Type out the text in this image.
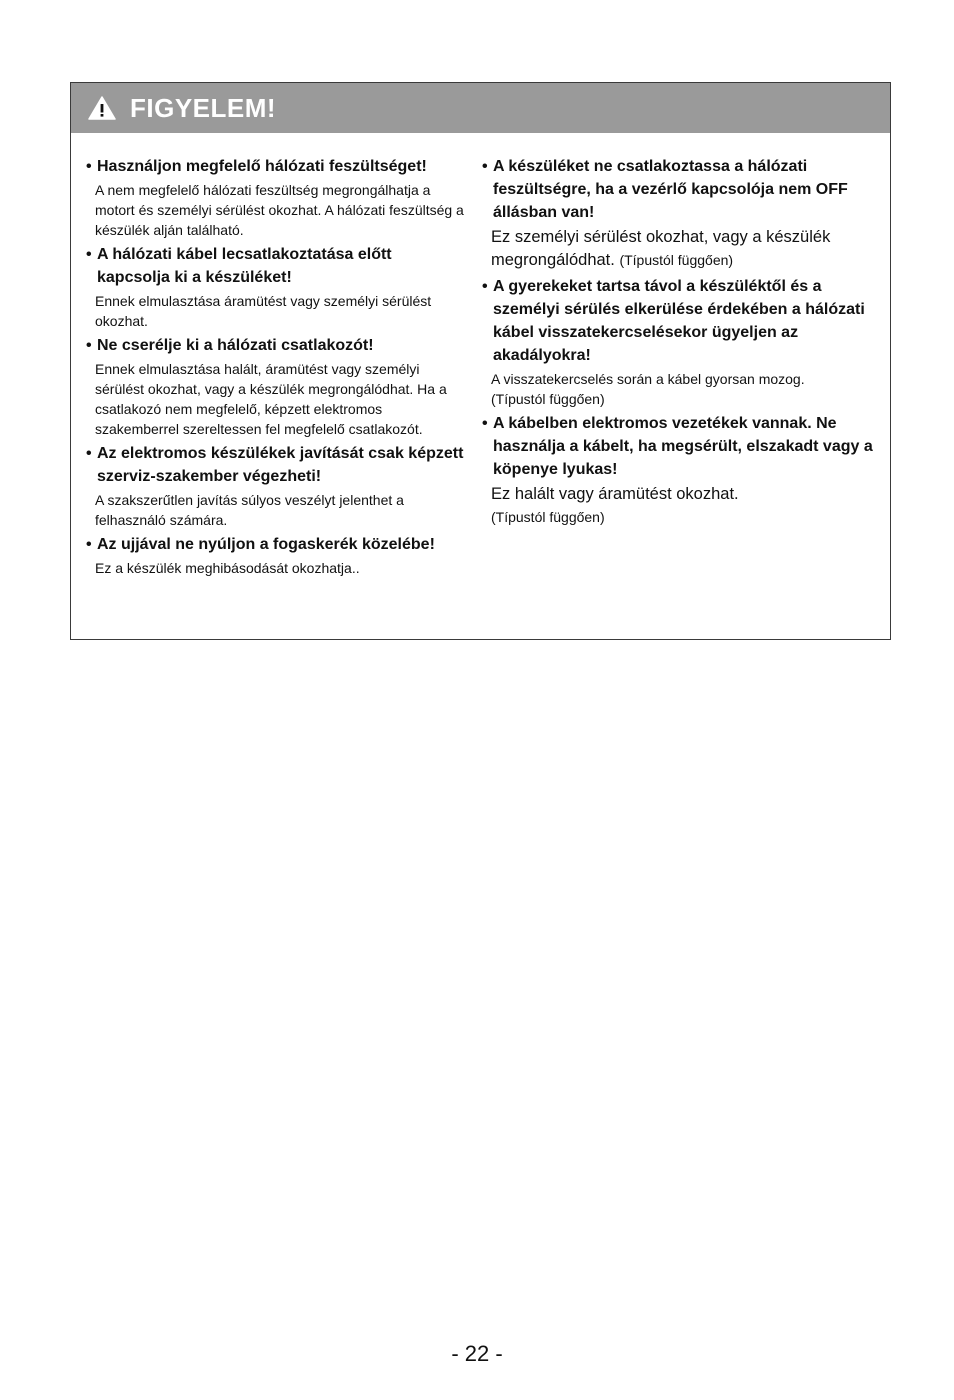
FIGYELEM!

• Használjon megfelelő hálózati feszültséget!

A nem megfelelő hálózati feszültség megrongálhatja a motort és személyi sérülést okozhat. A hálózati feszültség a készülék alján található.

• A hálózati kábel lecsatlakoztatása előtt kapcsolja ki a készüléket!

Ennek elmulasztása áramütést vagy személyi sérülést okozhat.

• Ne cserélje ki a hálózati csatlakozót!

Ennek elmulasztása halált, áramütést vagy személyi sérülést okozhat, vagy a készülék megrongálódhat. Ha a csatlakozó nem megfelelő, képzett elektromos szakemberrel szereltessen fel megfelelő csatlakozót.

• Az elektromos készülékek javítását csak képzett szerviz-szakember végezheti!

A szakszerűtlen javítás súlyos veszélyt jelenthet a felhasználó számára.

• Az ujjával ne nyúljon a fogaskerék közelébe!

Ez a készülék meghibásodását okozhatja..

• A készüléket ne csatlakoztassa a hálózati feszültségre, ha a vezérlő kapcsolója nem OFF állásban van!

Ez személyi sérülést okozhat, vagy a készülék megrongálódhat. (Típustól függően)

• A gyerekeket tartsa távol a készüléktől és a személyi sérülés elkerülése érdekében a hálózati kábel visszatekercselésekor ügyeljen az akadályokra!

A visszatekercselés során a kábel gyorsan mozog.
(Típustól függően)

• A kábelben elektromos vezetékek vannak. Ne használja a kábelt, ha megsérült, elszakadt vagy a köpenye lyukas!

Ez halált vagy áramütést okozhat.
(Típustól függően)

- 22 -
